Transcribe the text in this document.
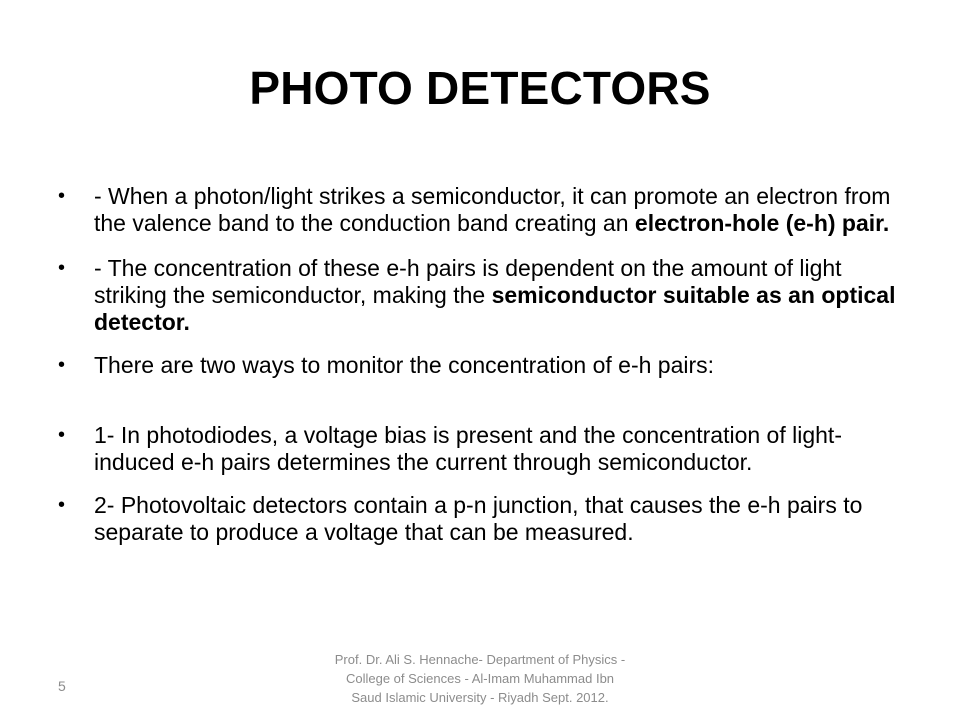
PHOTO DETECTORS
• - When a photon/light strikes a semiconductor, it can promote an electron from the valence band to the conduction band creating an electron-hole (e-h) pair.
• - The concentration of these e-h pairs is dependent on the amount of light striking the semiconductor, making the semiconductor suitable as an optical detector.
• There are two ways to monitor the concentration of e-h pairs:
• 1- In photodiodes, a voltage bias is present and the concentration of light-induced e-h pairs determines the current through semiconductor.
• 2- Photovoltaic detectors contain a p-n junction, that causes the e-h pairs to separate to produce a voltage that can be measured.
5
Prof. Dr. Ali S. Hennache- Department of Physics - College of Sciences - Al-Imam Muhammad Ibn Saud Islamic University - Riyadh Sept. 2012.
